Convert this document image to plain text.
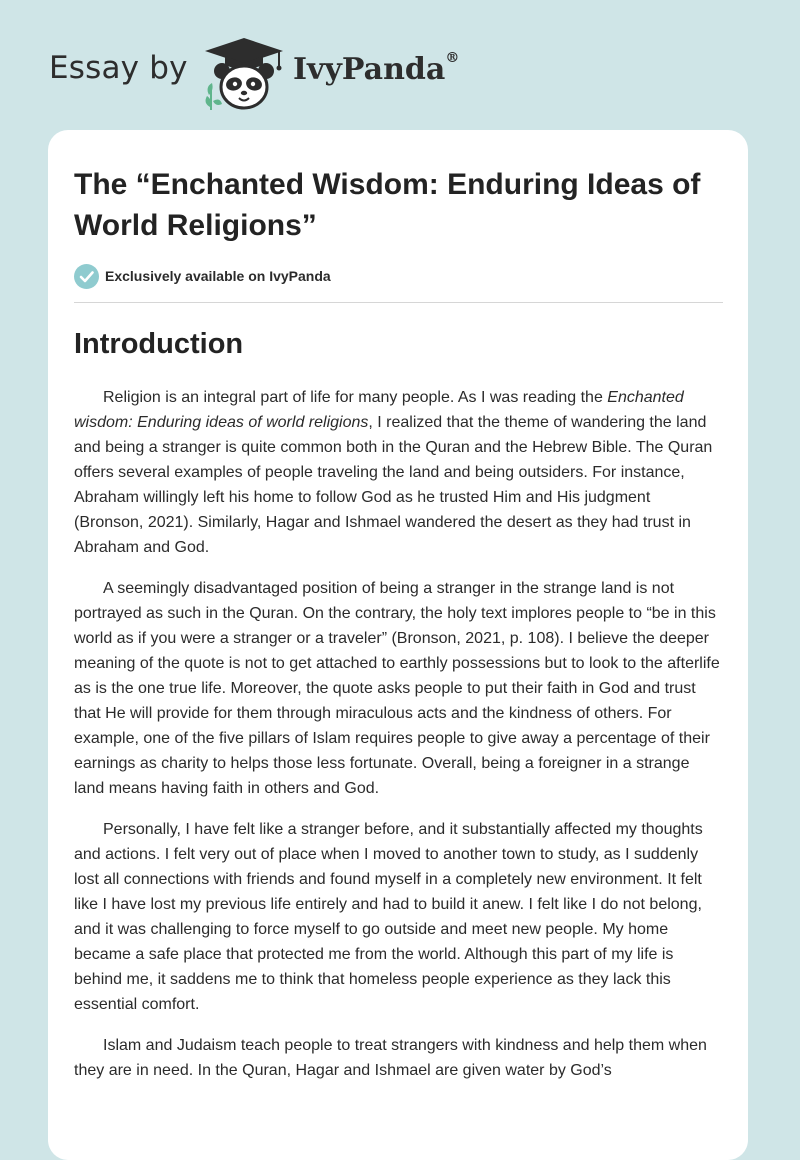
Essay by	IvyPanda®
The “Enchanted Wisdom: Enduring Ideas of World Religions”
Exclusively available on IvyPanda
Introduction

Religion is an integral part of life for many people. As I was reading the Enchanted wisdom: Enduring ideas of world religions, I realized that the theme of wandering the land and being a stranger is quite common both in the Quran and the Hebrew Bible. The Quran offers several examples of people traveling the land and being outsiders. For instance, Abraham willingly left his home to follow God as he trusted Him and His judgment (Bronson, 2021). Similarly, Hagar and Ishmael wandered the desert as they had trust in Abraham and God.

A seemingly disadvantaged position of being a stranger in the strange land is not portrayed as such in the Quran. On the contrary, the holy text implores people to “be in this world as if you were a stranger or a traveler” (Bronson, 2021, p. 108). I believe the deeper meaning of the quote is not to get attached to earthly possessions but to look to the afterlife as is the one true life. Moreover, the quote asks people to put their faith in God and trust that He will provide for them through miraculous acts and the kindness of others. For example, one of the five pillars of Islam requires people to give away a percentage of their earnings as charity to helps those less fortunate. Overall, being a foreigner in a strange land means having faith in others and God.

Personally, I have felt like a stranger before, and it substantially affected my thoughts and actions. I felt very out of place when I moved to another town to study, as I suddenly lost all connections with friends and found myself in a completely new environment. It felt like I have lost my previous life entirely and had to build it anew. I felt like I do not belong, and it was challenging to force myself to go outside and meet new people. My home became a safe place that protected me from the world. Although this part of my life is behind me, it saddens me to think that homeless people experience as they lack this essential comfort.

Islam and Judaism teach people to treat strangers with kindness and help them when they are in need. In the Quran, Hagar and Ishmael are given water by God’s
